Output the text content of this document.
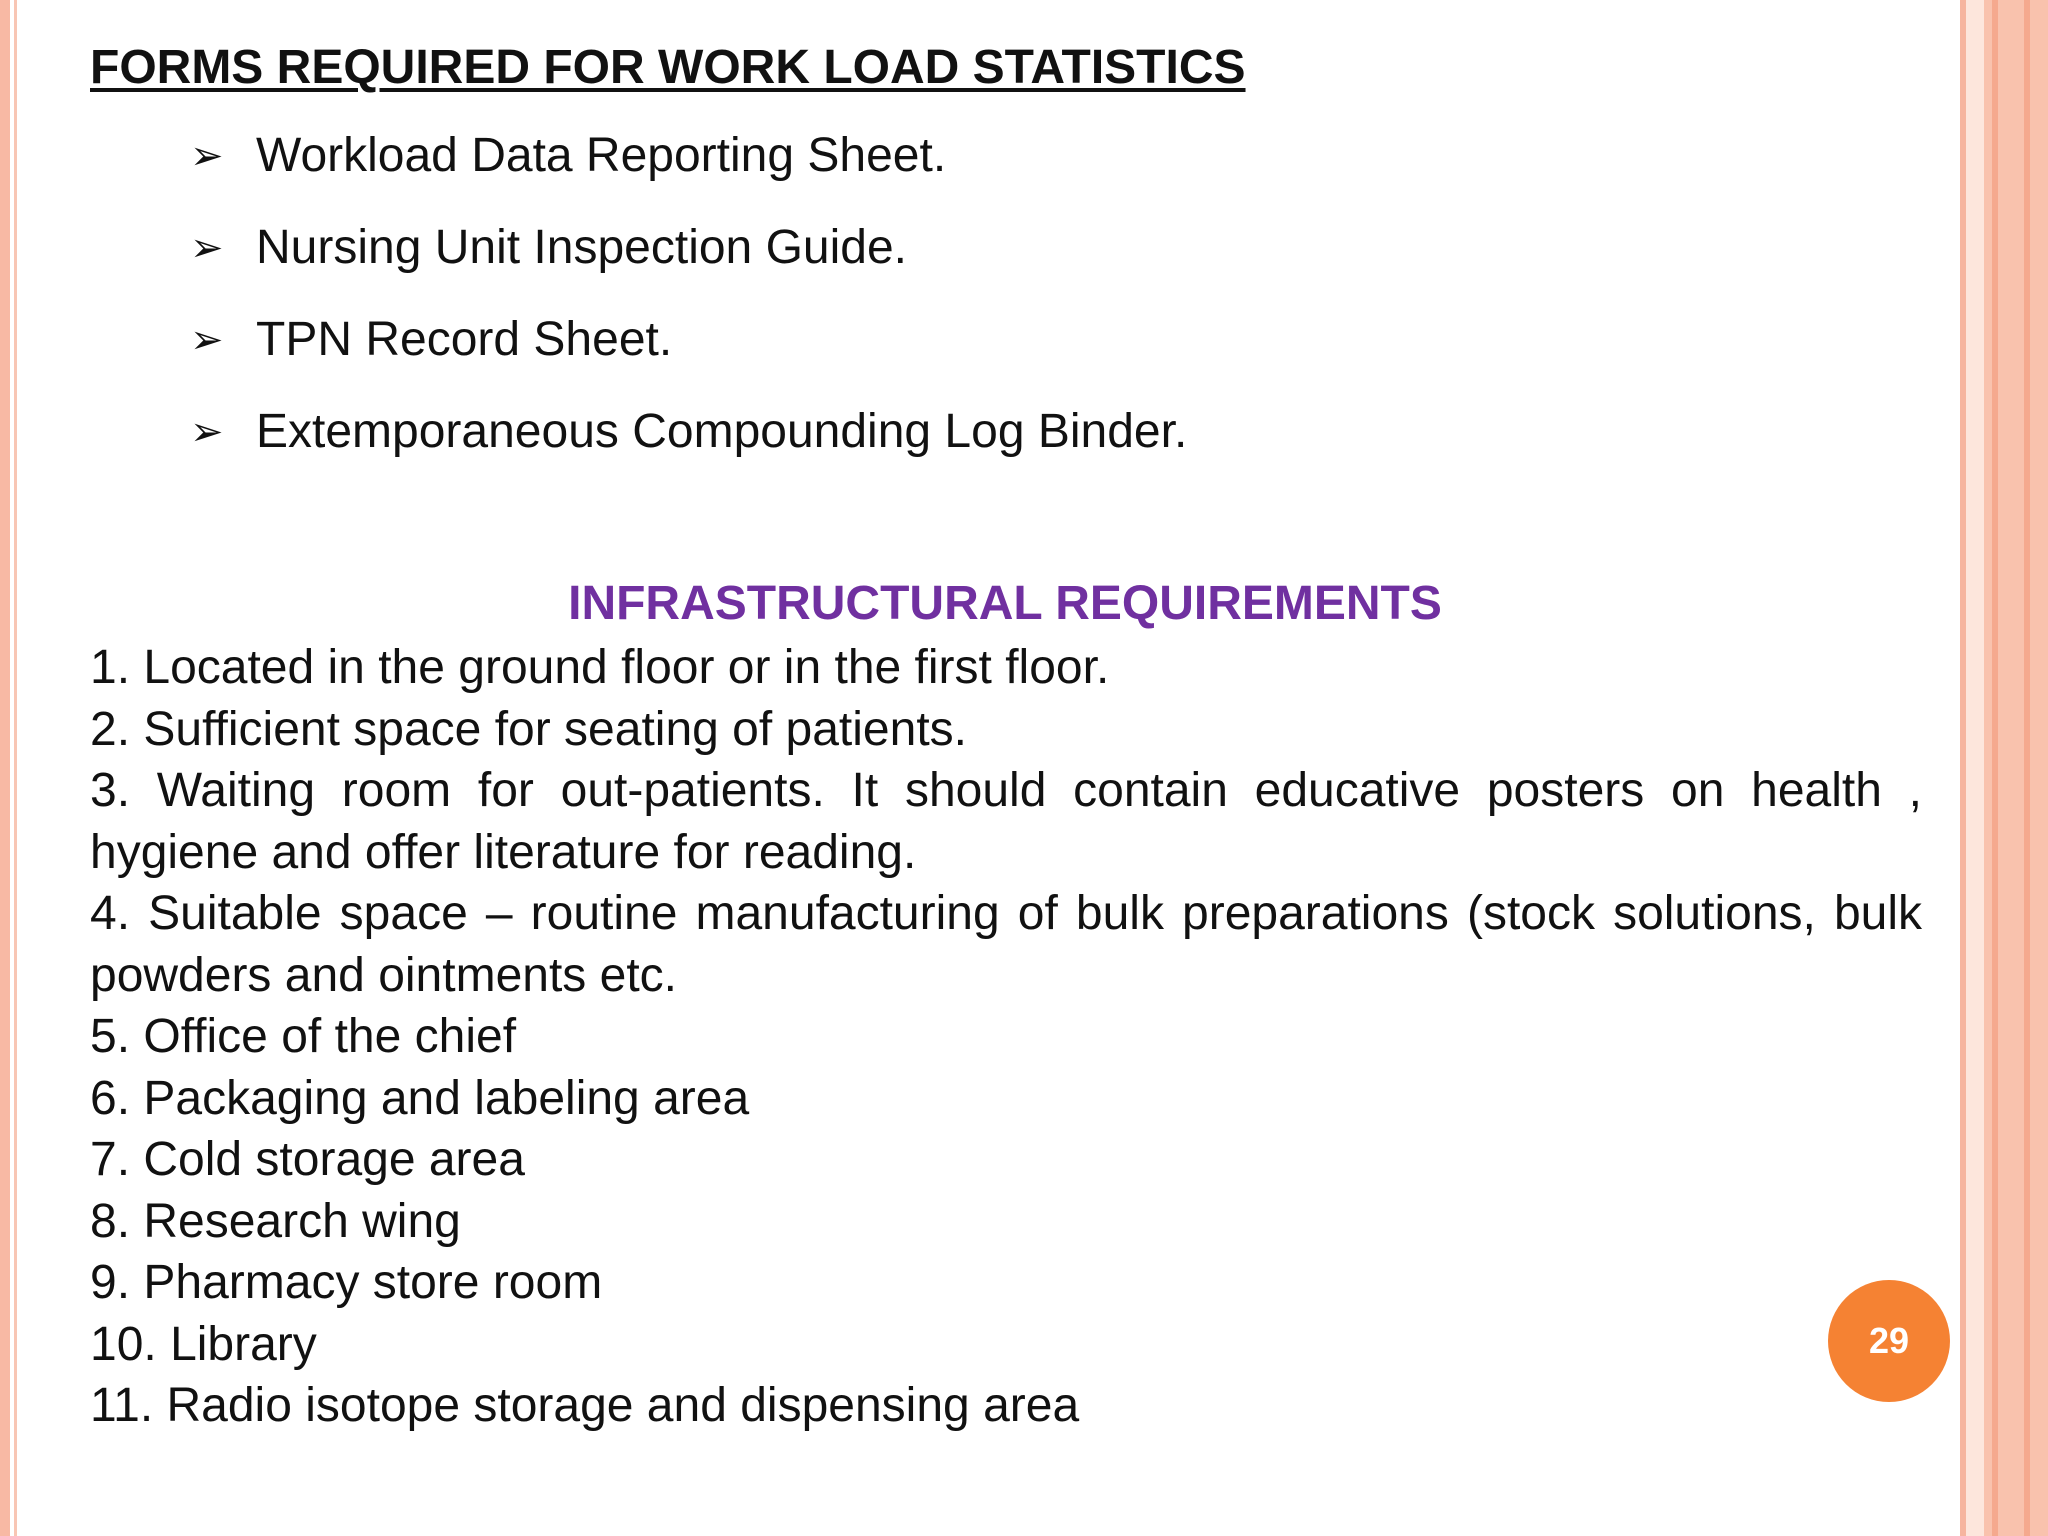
FORMS REQUIRED FOR WORK LOAD STATISTICS
➢ Workload Data Reporting Sheet.
➢ Nursing Unit Inspection Guide.
➢ TPN Record Sheet.
➢ Extemporaneous Compounding Log Binder.
INFRASTRUCTURAL REQUIREMENTS
1. Located in the ground floor or in the first floor.
2. Sufficient space for seating of patients.
3. Waiting room for out-patients. It should contain educative posters on health , hygiene and offer literature for reading.
4. Suitable space – routine manufacturing of bulk preparations (stock solutions, bulk powders and ointments etc.
5. Office of the chief
6. Packaging and labeling area
7. Cold storage area
8. Research wing
9. Pharmacy store room
10. Library
11. Radio isotope storage and dispensing area
29
